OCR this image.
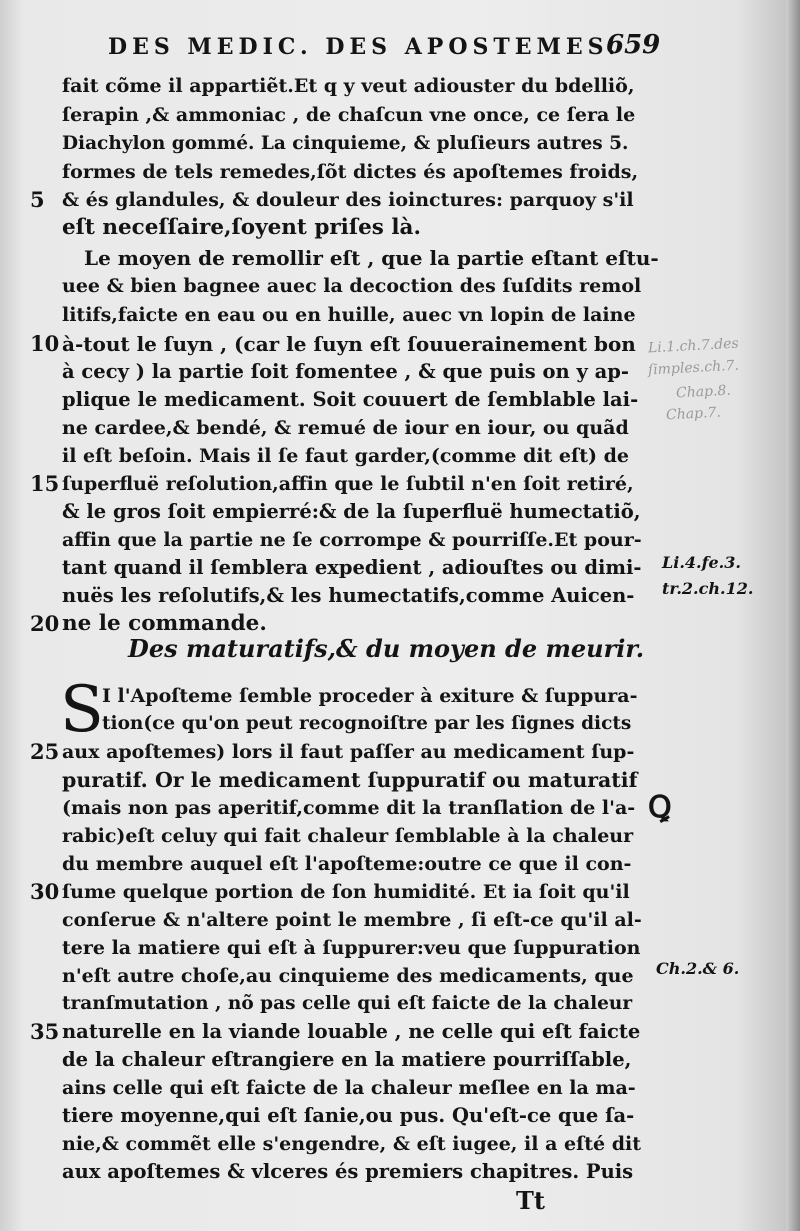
DES MEDIC. DES APOSTEMES.
659
fait cõme il appartiẽt.Et q y veut adiouster du bdelliõ,
ſerapin ,& ammoniac , de chaſcun vne once, ce ſera le
Diachylon gommé. La cinquieme, & pluſieurs autres 5.
formes de tels remedes,ſõt dictes és apoſtemes froids,
& és glandules, & douleur des ioinctures: parquoy s'il
eſt neceſſaire,ſoyent priſes là.
Le moyen de remollir eſt , que la partie eſtant eſtu-
uee & bien bagnee auec la decoction des ſuſdits remol
litifs,faicte en eau ou en huille, auec vn lopin de laine
à-tout le ſuyn , (car le ſuyn eſt ſouuerainement bon
à cecy ) la partie ſoit fomentee , & que puis on y ap-
plique le medicament. Soit couuert de ſemblable lai-
ne cardee,& bendé, & remué de iour en iour, ou quãd
il eſt beſoin. Mais il ſe faut garder,(comme dit eſt) de
ſuperfluë reſolution,affin que le ſubtil n'en ſoit retiré,
& le gros ſoit empierré:& de la ſuperfluë humectatiõ,
affin que la partie ne ſe corrompe & pourriſſe.Et pour-
tant quand il ſemblera expedient , adiouſtes ou dimi-
nuës les reſolutifs,& les humectatifs,comme Auicen-
ne le commande.
5
10
15
20
25
30
35
Li.1.ch.7.des
ſimples.ch.7.
Chap.8.
Chap.7.
Li.4.fe.3.
tr.2.ch.12.
Ꝗ
Ch.2.& 6.
Des maturatifs,& du moyen de meurir.
S
I l'Apoſteme ſemble proceder à exiture & ſuppura-
tion(ce qu'on peut recognoiſtre par les ſignes dicts
aux apoſtemes) lors il faut paſſer au medicament ſup-
puratif. Or le medicament ſuppuratif ou maturatif
(mais non pas aperitif,comme dit la tranſlation de l'a-
rabic)eſt celuy qui fait chaleur ſemblable à la chaleur
du membre auquel eſt l'apoſteme:outre ce que il con-
ſume quelque portion de ſon humidité. Et ia ſoit qu'il
conſerue & n'altere point le membre , ſi eſt-ce qu'il al-
tere la matiere qui eſt à ſuppurer:veu que ſuppuration
n'eſt autre choſe,au cinquieme des medicaments, que
tranſmutation , nõ pas celle qui eſt faicte de la chaleur
naturelle en la viande louable , ne celle qui eſt faicte
de la chaleur eſtrangiere en la matiere pourriſſable,
ains celle qui eſt faicte de la chaleur meſlee en la ma-
tiere moyenne,qui eſt ſanie,ou pus. Qu'eſt-ce que ſa-
nie,& commẽt elle s'engendre, & eſt iugee, il a eſté dit
aux apoſtemes & vlceres és premiers chapitres. Puis
Tt
